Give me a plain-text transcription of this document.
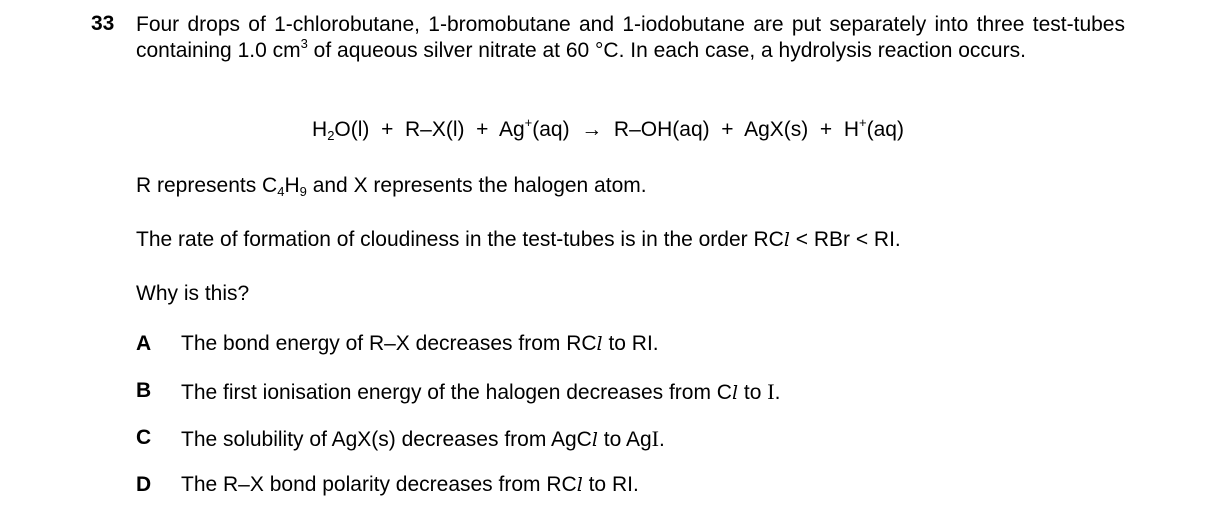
33 Four drops of 1-chlorobutane, 1-bromobutane and 1-iodobutane are put separately into three test-tubes containing 1.0 $cm^3$ of aqueous silver nitrate at 60 °C. In each case, a hydrolysis reaction occurs.
$H_2O(l) + R-X(l) + Ag^+(aq) \to R-OH(aq) + AgX(s) + H^+(aq)$
R represents $C_4H_9$ and X represents the halogen atom.
The rate of formation of cloudiness in the test-tubes is in the order RCl < RBr < RI.
Why is this?
A The bond energy of R–X decreases from RCl to RI.
B The first ionisation energy of the halogen decreases from Cl to I.
C The solubility of AgX(s) decreases from AgCl to AgI.
D The R–X bond polarity decreases from RCl to RI.
